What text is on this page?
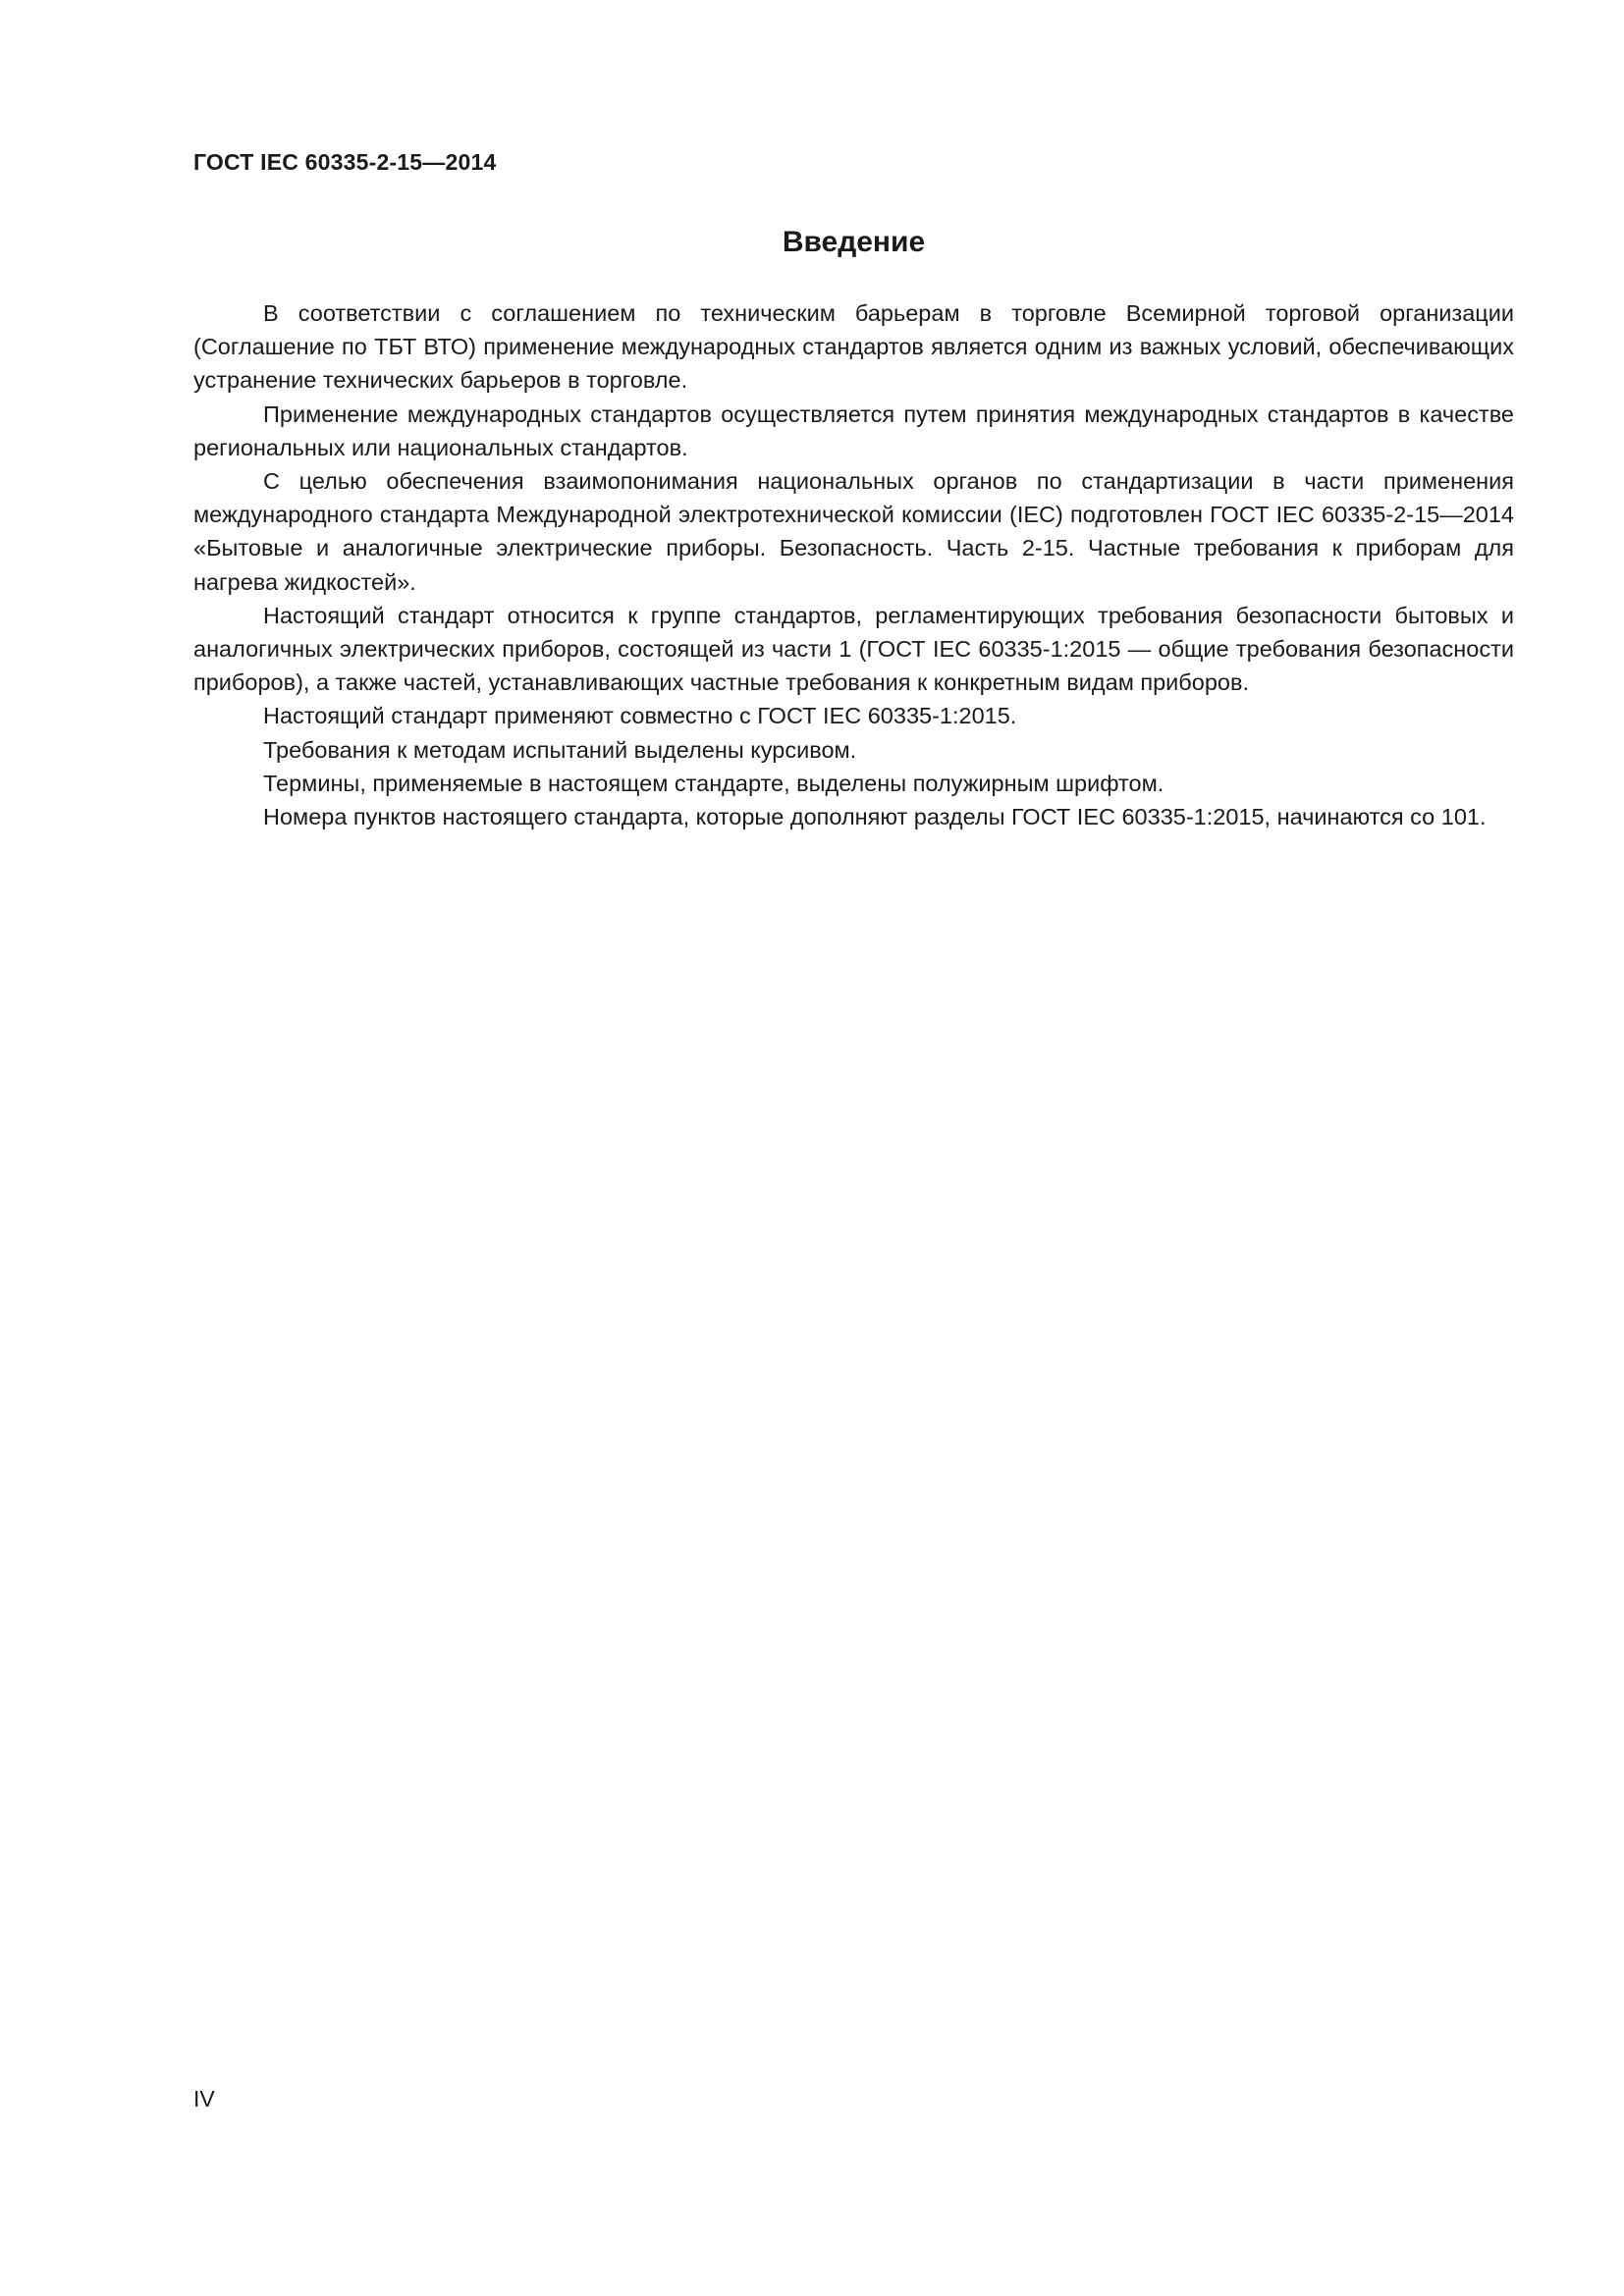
ГОСТ IEC 60335-2-15—2014

Введение

В соответствии с соглашением по техническим барьерам в торговле Всемирной торговой организации (Соглашение по ТБТ ВТО) применение международных стандартов является одним из важных условий, обеспечивающих устранение технических барьеров в торговле.

Применение международных стандартов осуществляется путем принятия международных стандартов в качестве региональных или национальных стандартов.

С целью обеспечения взаимопонимания национальных органов по стандартизации в части применения международного стандарта Международной электротехнической комиссии (IEC) подготовлен ГОСТ IEC 60335-2-15—2014 «Бытовые и аналогичные электрические приборы. Безопасность. Часть 2-15. Частные требования к приборам для нагрева жидкостей».

Настоящий стандарт относится к группе стандартов, регламентирующих требования безопасности бытовых и аналогичных электрических приборов, состоящей из части 1 (ГОСТ IEC 60335-1:2015 — общие требования безопасности приборов), а также частей, устанавливающих частные требования к конкретным видам приборов.

Настоящий стандарт применяют совместно с ГОСТ IEC 60335-1:2015.

Требования к методам испытаний выделены курсивом.

Термины, применяемые в настоящем стандарте, выделены полужирным шрифтом.

Номера пунктов настоящего стандарта, которые дополняют разделы ГОСТ IEC 60335-1:2015, начинаются со 101.

IV
